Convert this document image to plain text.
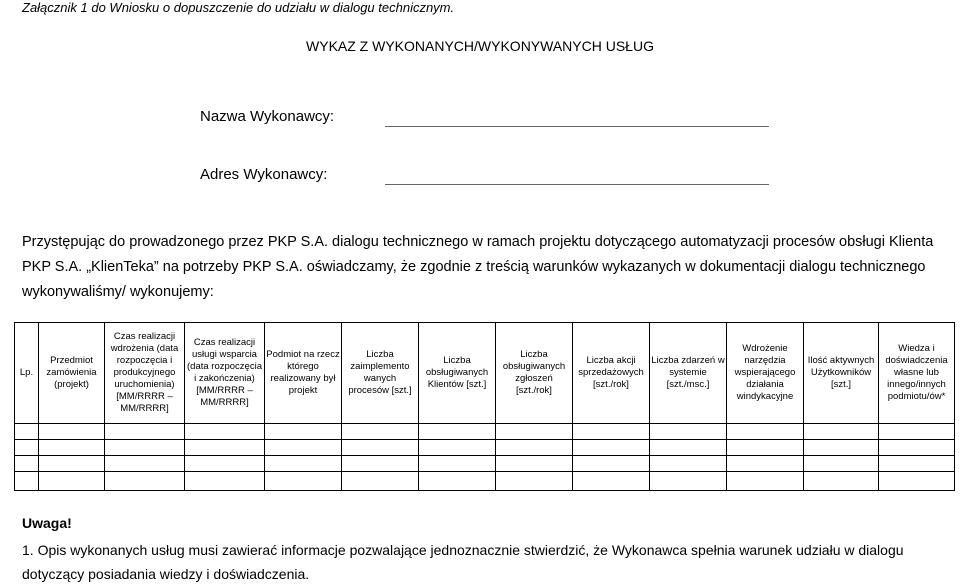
Załącznik 1 do Wniosku o dopuszczenie do udziału w dialogu technicznym.
WYKAZ Z WYKONANYCH/WYKONYWANYCH USŁUG
Nazwa Wykonawcy:
Adres Wykonawcy:
Przystępując do prowadzonego przez PKP S.A. dialogu technicznego w ramach projektu dotyczącego automatyzacji procesów obsługi Klienta PKP S.A. „KlienTeka” na potrzeby PKP S.A. oświadczamy, że zgodnie z treścią warunków wykazanych w dokumentacji dialogu technicznego wykonywaliśmy/ wykonujemy:
Lp.	Przedmiot zamówienia (projekt)	Czas realizacji wdrożenia (data rozpoczęcia i produkcyjnego uruchomienia) [MM/RRRR – MM/RRRR]	Czas realizacji usługi wsparcia (data rozpoczęcia i zakończenia) [MM/RRRR – MM/RRRR]	Podmiot na rzecz którego realizowany był projekt	Liczba zaimplemento wanych procesów [szt.]	Liczba obsługiwanych Klientów [szt.]	Liczba obsługiwanych zgłoszeń [szt./rok]	Liczba akcji sprzedażowych [szt./rok]	Liczba zdarzeń w systemie [szt./msc.]	Wdrożenie narzędzia wspierającego działania windykacyjne	Ilość aktywnych Użytkowników [szt.]	Wiedza i doświadczenia własne lub innego/innych podmiotu/ów*

Uwaga!
1. Opis wykonanych usług musi zawierać informacje pozwalające jednoznacznie stwierdzić, że Wykonawca spełnia warunek udziału w dialogu dotyczący posiadania wiedzy i doświadczenia.
